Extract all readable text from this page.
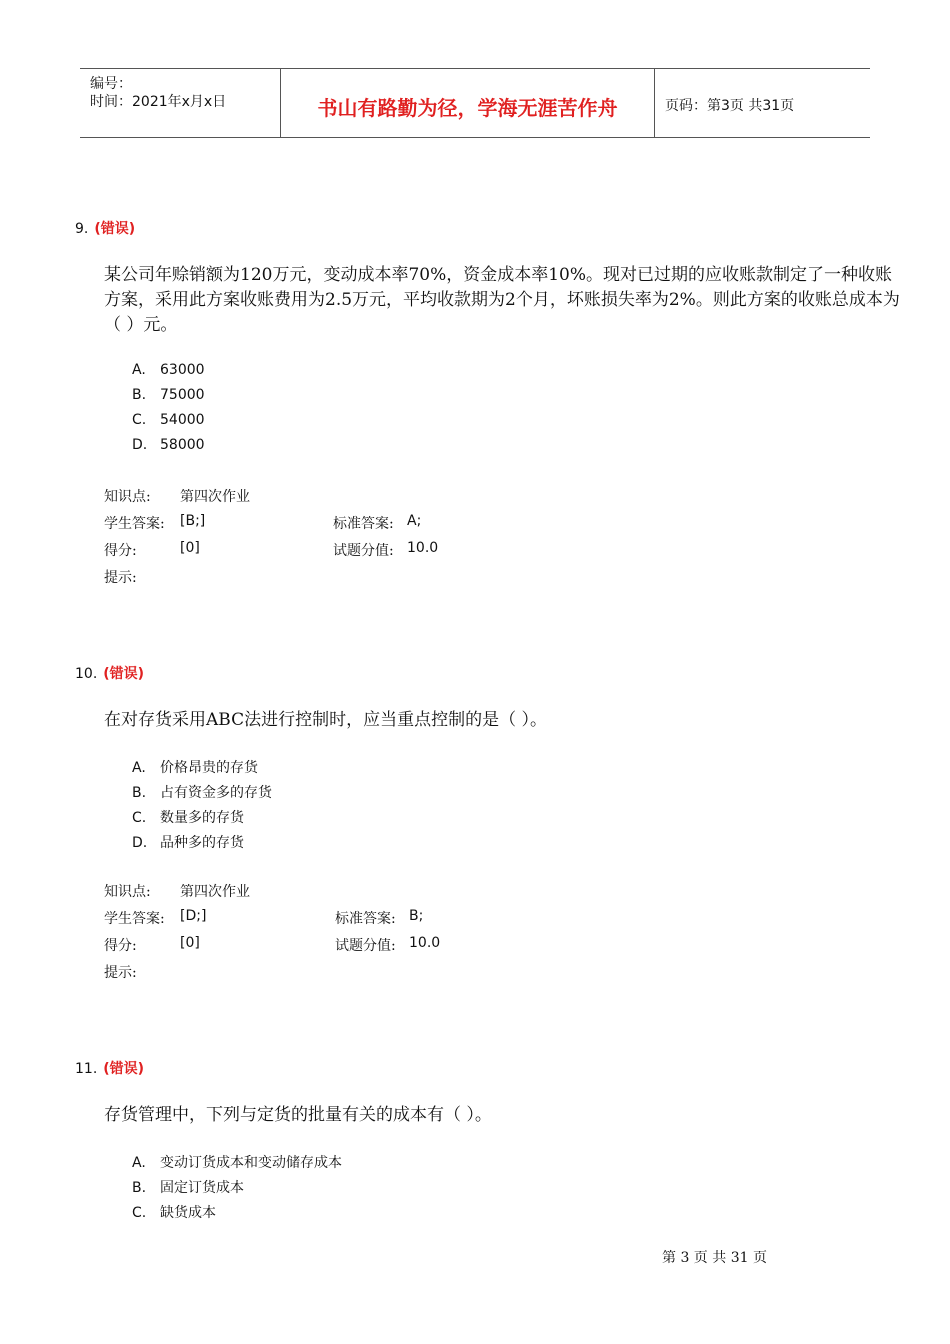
编号：
时间：2021年x月x日	书山有路勤为径，学海无涯苦作舟	页码：第3页 共31页
9. (错误)
某公司年赊销额为120万元，变动成本率70%，资金成本率10%。现对已过期的应收账款制定了一种收账方案，采用此方案收账费用为2.5万元，平均收款期为2个月，坏账损失率为2%。则此方案的收账总成本为（ ）元。
A. 63000
B. 75000
C. 54000
D. 58000
知识点: 第四次作业
学生答案: [B;]	标准答案: A;
得分:	[0]	试题分值: 10.0
提示:
10. (错误)
在对存货采用ABC法进行控制时，应当重点控制的是（ ）。
A. 价格昂贵的存货
B. 占有资金多的存货
C. 数量多的存货
D. 品种多的存货
知识点: 第四次作业
学生答案: [D;]	标准答案: B;
得分:	[0]	试题分值: 10.0
提示:
11. (错误)
存货管理中，下列与定货的批量有关的成本有（ ）。
A. 变动订货成本和变动储存成本
B. 固定订货成本
C. 缺货成本
第 3 页 共 31 页
